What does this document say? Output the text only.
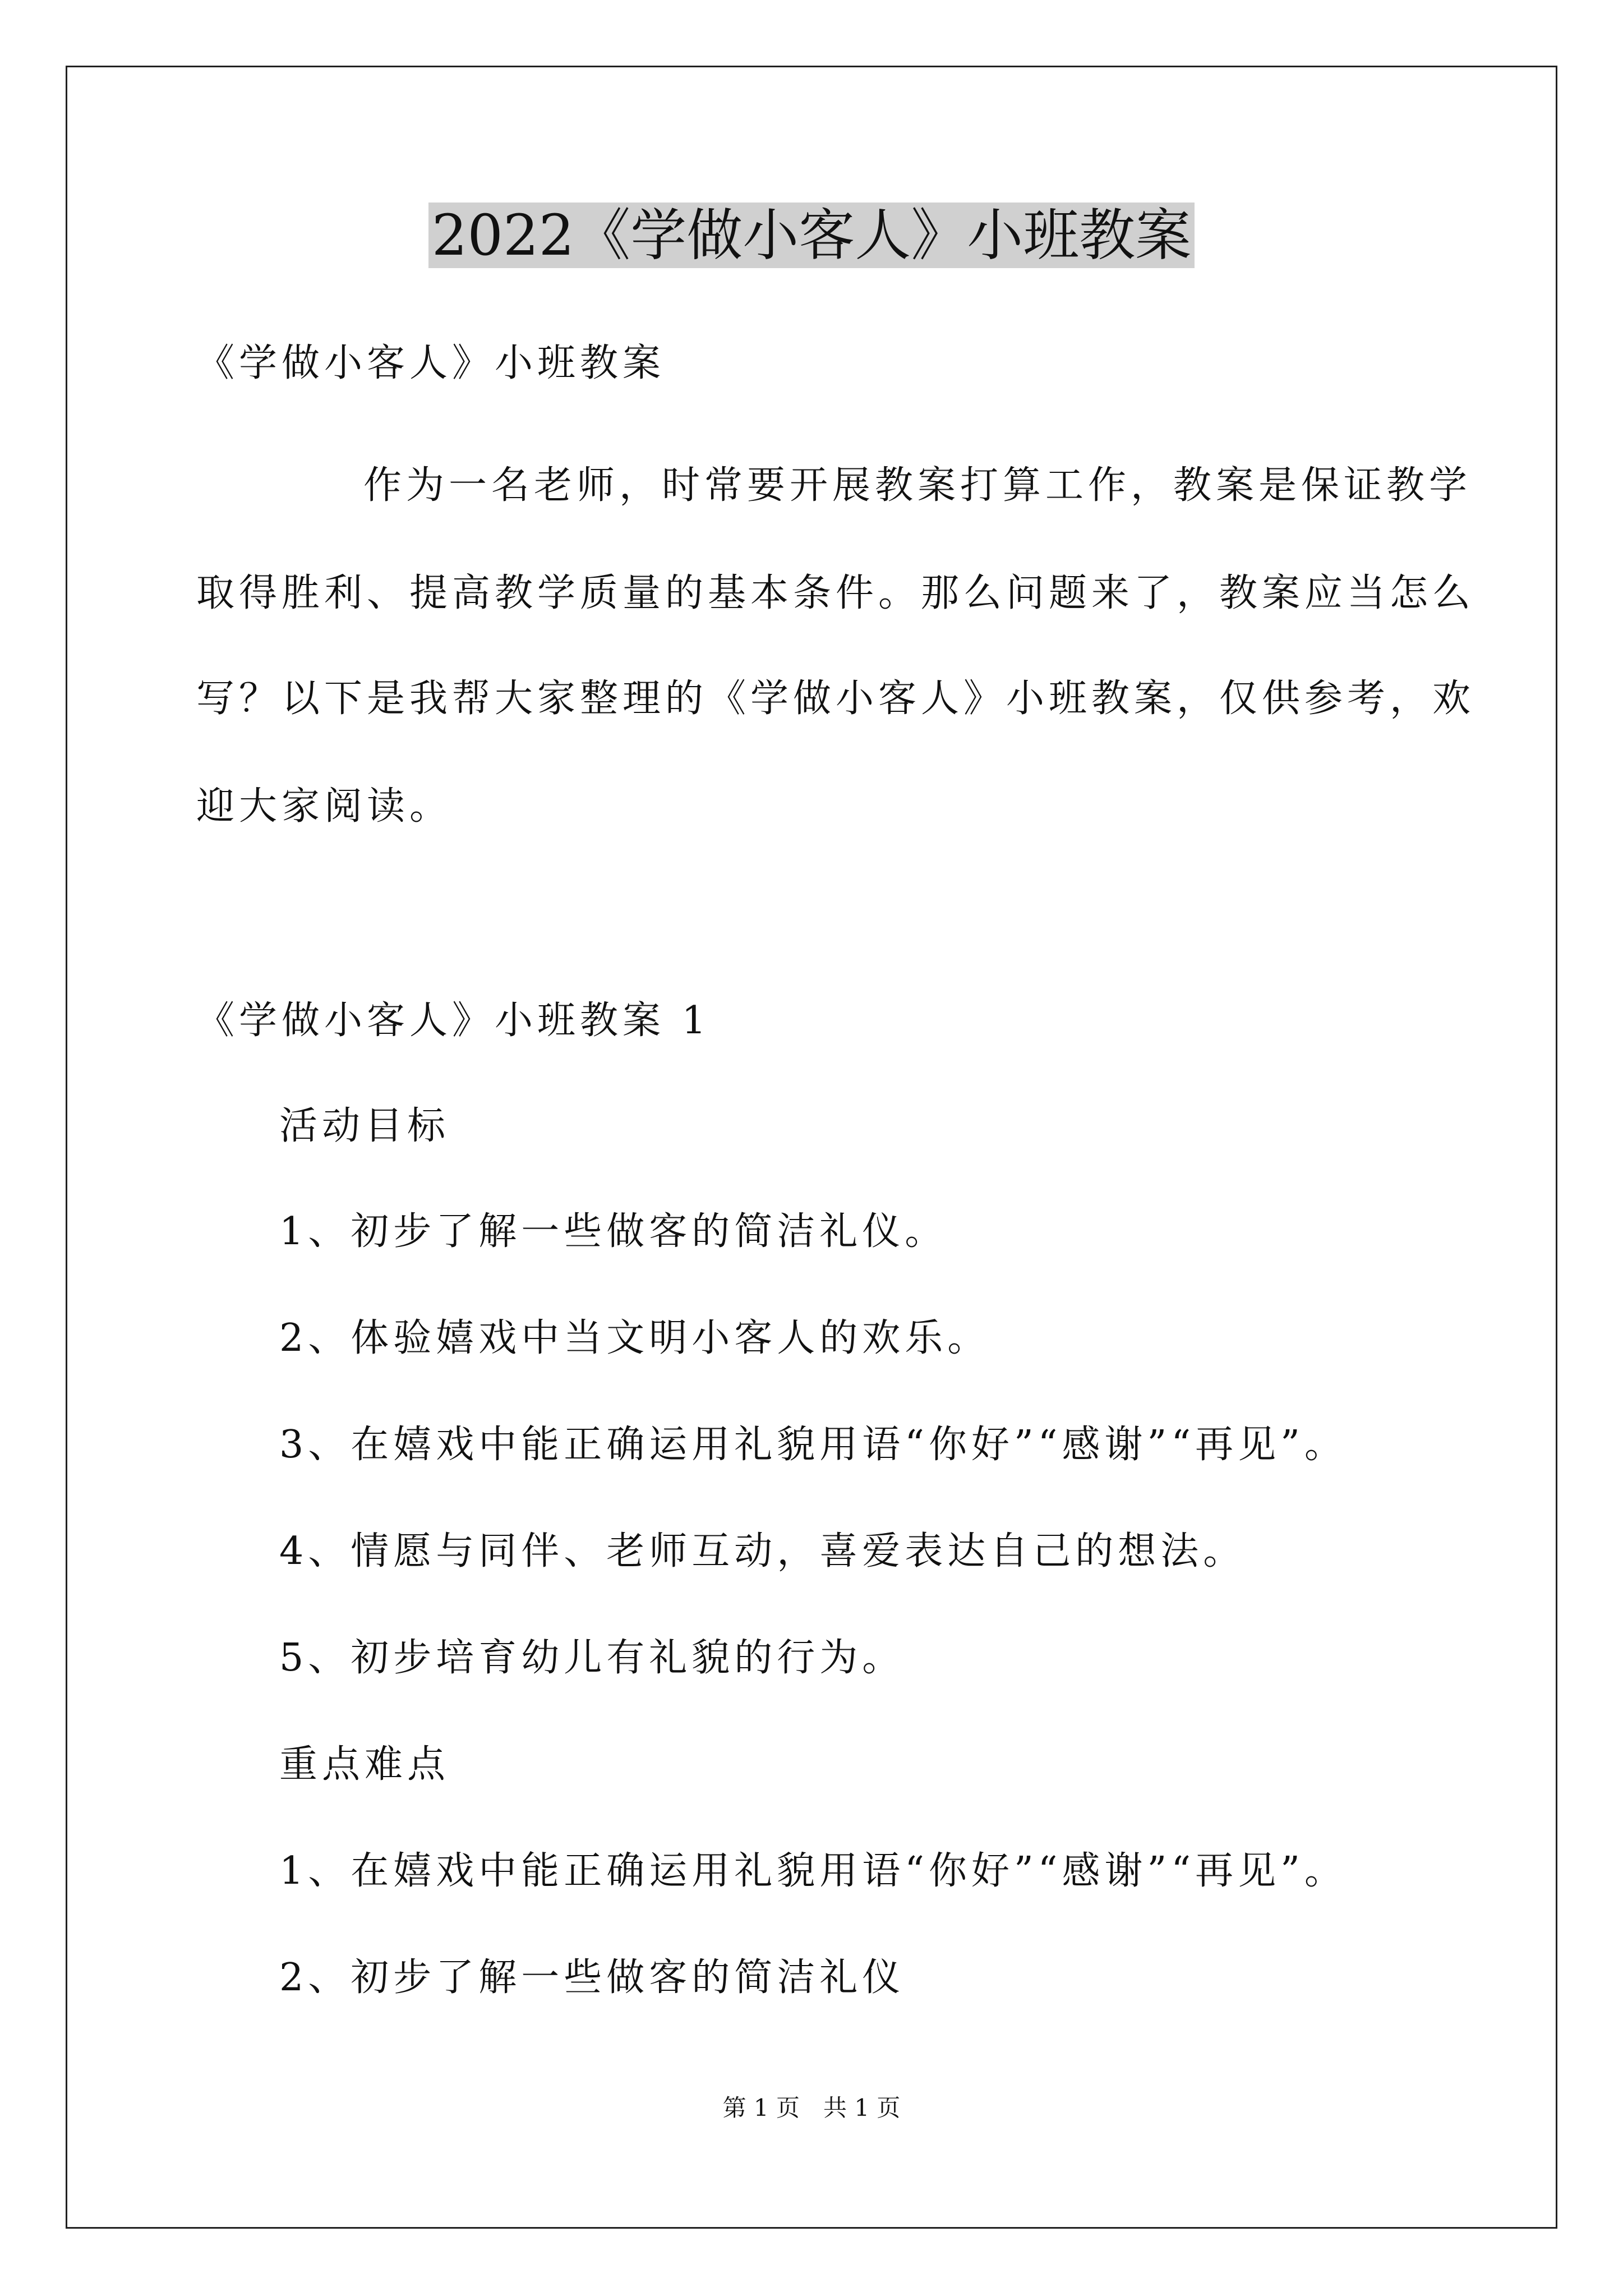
2022《学做小客人》小班教案
《学做小客人》小班教案
作为一名老师，时常要开展教案打算工作，教案是保证教学
取得胜利、提高教学质量的基本条件。那么问题来了，教案应当怎么
写？以下是我帮大家整理的《学做小客人》小班教案，仅供参考，欢
迎大家阅读。
《学做小客人》小班教案 1
活动目标
1、初步了解一些做客的简洁礼仪。
2、体验嬉戏中当文明小客人的欢乐。
3、在嬉戏中能正确运用礼貌用语“你好”“感谢”“再见”。
4、情愿与同伴、老师互动，喜爱表达自己的想法。
5、初步培育幼儿有礼貌的行为。
重点难点
1、在嬉戏中能正确运用礼貌用语“你好”“感谢”“再见”。
2、初步了解一些做客的简洁礼仪
第 1 页　共 1 页
